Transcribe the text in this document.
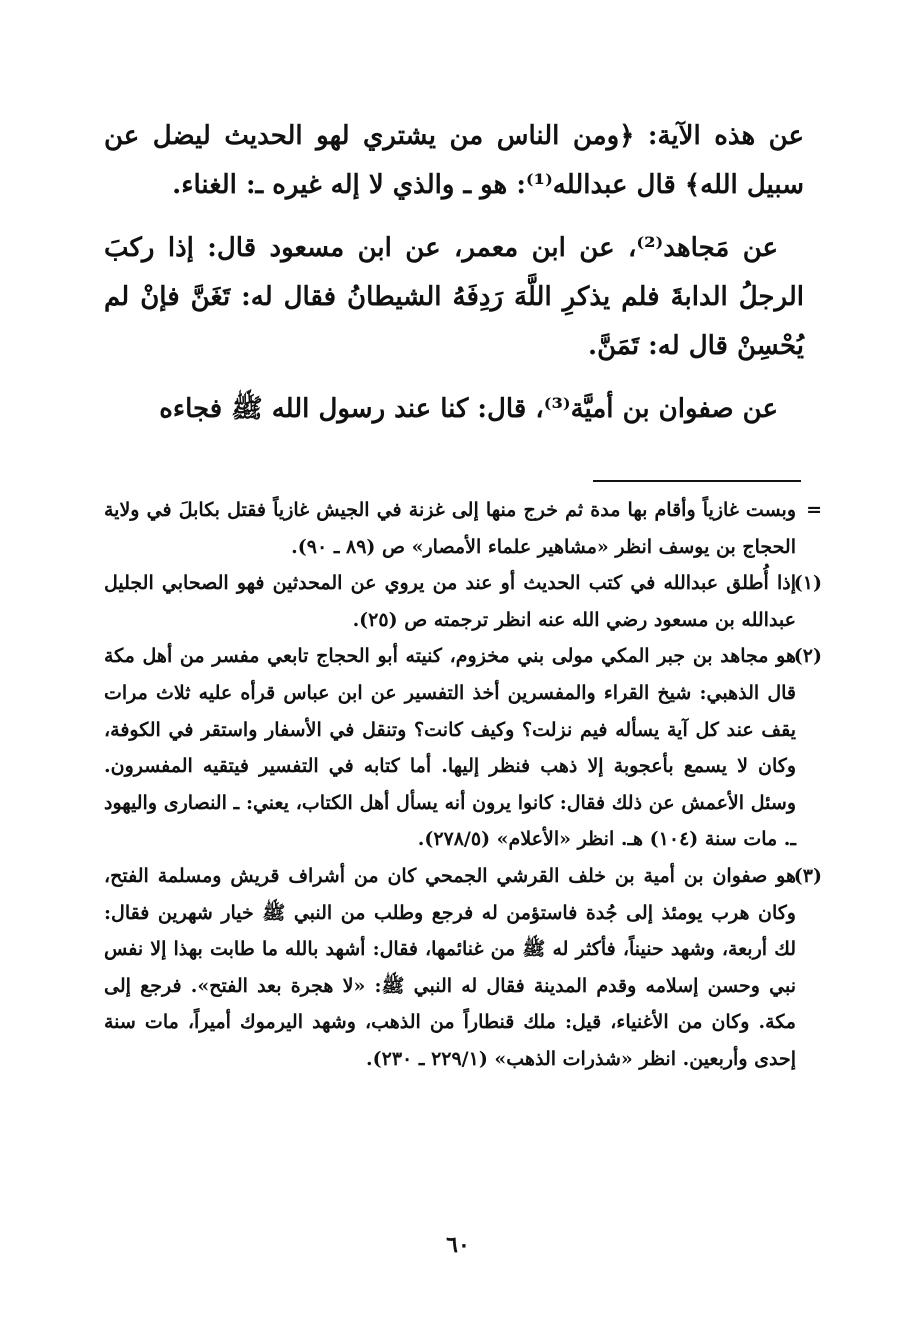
عن هذه الآية: ﴿ومن الناس من يشتري لهو الحديث ليضل عن سبيل الله﴾ قال عبدالله⁽¹⁾: هو ـ والذي لا إله غيره ـ: الغناء.

عن مَجاهد⁽²⁾، عن ابن معمر، عن ابن مسعود قال: إذا ركبَ الرجلُ الدابةَ فلم يذكرِ اللَّهَ رَدِفَهُ الشيطانُ فقال له: تَغَنَّ فإنْ لم يُحْسِنْ قال له: تَمَنَّ.

عن صفوان بن أميَّة⁽³⁾، قال: كنا عند رسول الله ﷺ فجاءه

=
وبست غازياً وأقام بها مدة ثم خرج منها إلى غزنة في الجيش غازياً فقتل بكابلَ في ولاية الحجاج بن يوسف انظر «مشاهير علماء الأمصار» ص (٨٩ ـ ٩٠).
(١)
إذا أُطلق عبدالله في كتب الحديث أو عند من يروي عن المحدثين فهو الصحابي الجليل عبدالله بن مسعود رضي الله عنه انظر ترجمته ص (٢٥).
(٢)
هو مجاهد بن جبر المكي مولى بني مخزوم، كنيته أبو الحجاج تابعي مفسر من أهل مكة قال الذهبي: شيخ القراء والمفسرين أخذ التفسير عن ابن عباس قرأه عليه ثلاث مرات يقف عند كل آية يسأله فيم نزلت؟ وكيف كانت؟ وتنقل في الأسفار واستقر في الكوفة، وكان لا يسمع بأعجوبة إلا ذهب فنظر إليها. أما كتابه في التفسير فيتقيه المفسرون. وسئل الأعمش عن ذلك فقال: كانوا يرون أنه يسأل أهل الكتاب، يعني: ـ النصارى واليهود ـ. مات سنة (١٠٤) هـ. انظر «الأعلام» (٢٧٨/٥).
(٣)
هو صفوان بن أمية بن خلف القرشي الجمحي كان من أشراف قريش ومسلمة الفتح، وكان هرب يومئذ إلى جُدة فاستؤمن له فرجع وطلب من النبي ﷺ خيار شهرين فقال: لك أربعة، وشهد حنيناً، فأكثر له ﷺ من غنائمها، فقال: أشهد بالله ما طابت بهذا إلا نفس نبي وحسن إسلامه وقدم المدينة فقال له النبي ﷺ: «لا هجرة بعد الفتح». فرجع إلى مكة. وكان من الأغنياء، قيل: ملك قنطاراً من الذهب، وشهد اليرموك أميراً، مات سنة إحدى وأربعين. انظر «شذرات الذهب» (٢٢٩/١ ـ ٢٣٠).
٦٠
